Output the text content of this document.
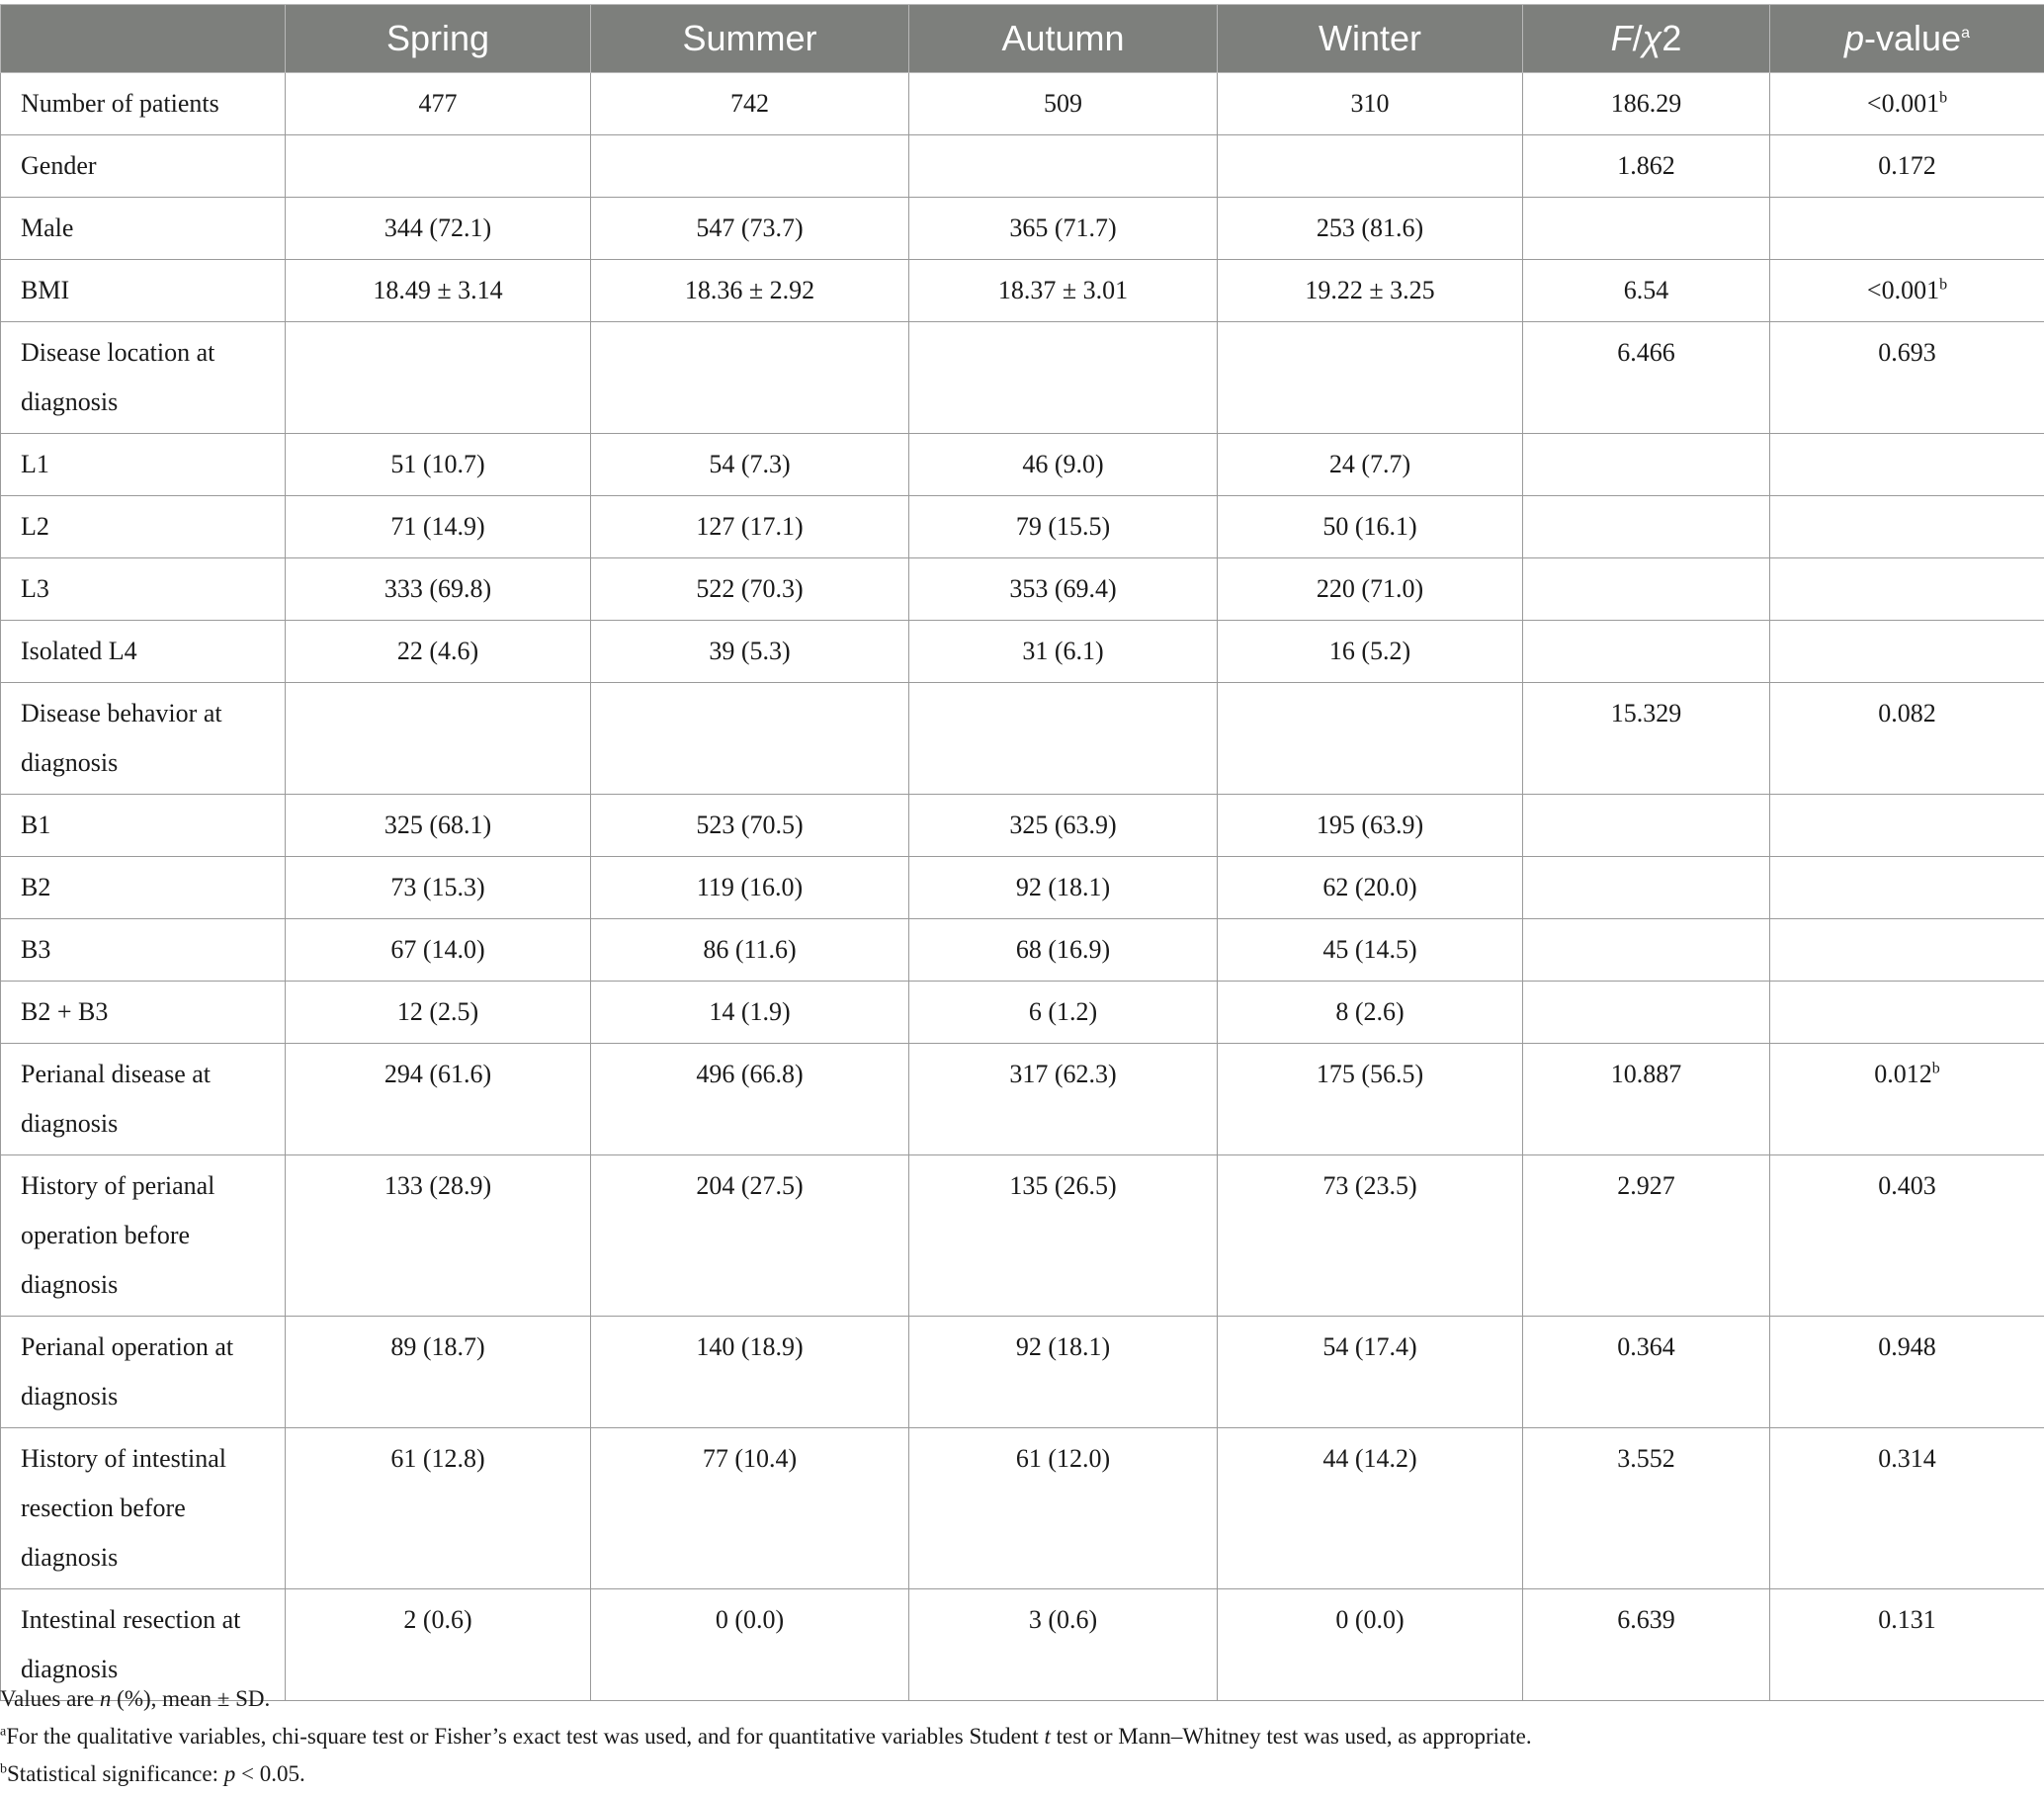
	Spring	Summer	Autumn	Winter	F/χ2	p-value$^a$
Number of patients	477	742	509	310	186.29	<0.001$^b$
Gender					1.862	0.172
Male	344 (72.1)	547 (73.7)	365 (71.7)	253 (81.6)		
BMI	18.49 ± 3.14	18.36 ± 2.92	18.37 ± 3.01	19.22 ± 3.25	6.54	<0.001$^b$
Disease location at diagnosis					6.466	0.693
L1	51 (10.7)	54 (7.3)	46 (9.0)	24 (7.7)		
L2	71 (14.9)	127 (17.1)	79 (15.5)	50 (16.1)		
L3	333 (69.8)	522 (70.3)	353 (69.4)	220 (71.0)		
Isolated L4	22 (4.6)	39 (5.3)	31 (6.1)	16 (5.2)		
Disease behavior at diagnosis					15.329	0.082
B1	325 (68.1)	523 (70.5)	325 (63.9)	195 (63.9)		
B2	73 (15.3)	119 (16.0)	92 (18.1)	62 (20.0)		
B3	67 (14.0)	86 (11.6)	68 (16.9)	45 (14.5)		
B2 + B3	12 (2.5)	14 (1.9)	6 (1.2)	8 (2.6)		
Perianal disease at diagnosis	294 (61.6)	496 (66.8)	317 (62.3)	175 (56.5)	10.887	0.012$^b$
History of perianal operation before diagnosis	133 (28.9)	204 (27.5)	135 (26.5)	73 (23.5)	2.927	0.403
Perianal operation at diagnosis	89 (18.7)	140 (18.9)	92 (18.1)	54 (17.4)	0.364	0.948
History of intestinal resection before diagnosis	61 (12.8)	77 (10.4)	61 (12.0)	44 (14.2)	3.552	0.314
Intestinal resection at diagnosis	2 (0.6)	0 (0.0)	3 (0.6)	0 (0.0)	6.639	0.131
Values are n (%), mean ± SD.
$^a$For the qualitative variables, chi-square test or Fisher’s exact test was used, and for quantitative variables Student t test or Mann–Whitney test was used, as appropriate.
$^b$Statistical significance: p < 0.05.
